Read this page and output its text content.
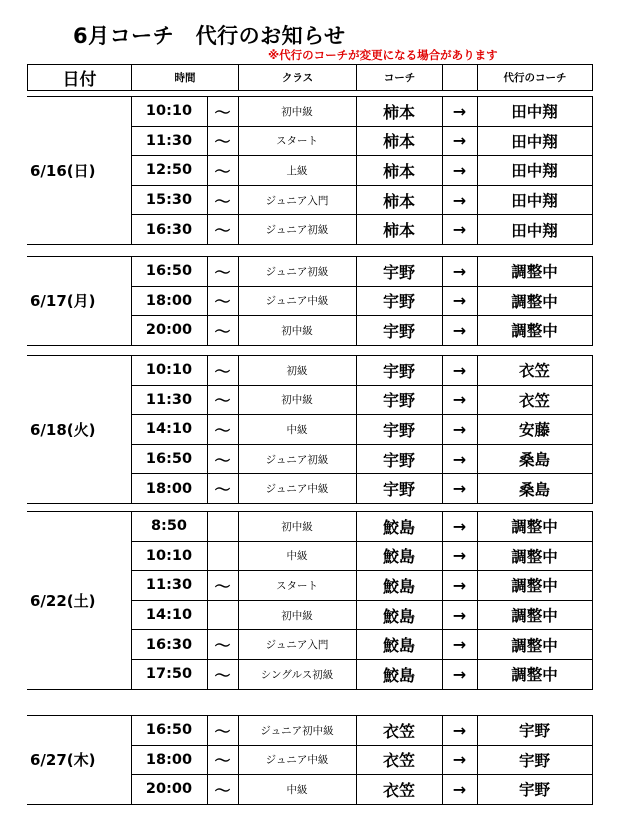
6月コーチ　代行のお知らせ
※代行のコーチが変更になる場合があります
日付	時間	クラス	コーチ		代行のコーチ
6/16(日)	10:10	～	初中級	柿本	→	田中翔
	11:30	～	スタート	柿本	→	田中翔
	12:50	～	上級	柿本	→	田中翔
	15:30	～	ジュニア入門	柿本	→	田中翔
	16:30	～	ジュニア初級	柿本	→	田中翔
6/17(月)	16:50	～	ジュニア初級	宇野	→	調整中
	18:00	～	ジュニア中級	宇野	→	調整中
	20:00	～	初中級	宇野	→	調整中
6/18(火)	10:10	～	初級	宇野	→	衣笠
	11:30	～	初中級	宇野	→	衣笠
	14:10	～	中級	宇野	→	安藤
	16:50	～	ジュニア初級	宇野	→	桑島
	18:00	～	ジュニア中級	宇野	→	桑島
6/22(土)	8:50		初中級	鮫島	→	調整中
	10:10		中級	鮫島	→	調整中
	11:30	～	スタート	鮫島	→	調整中
	14:10		初中級	鮫島	→	調整中
	16:30	～	ジュニア入門	鮫島	→	調整中
	17:50	～	シングルス初級	鮫島	→	調整中
6/27(木)	16:50	～	ジュニア初中級	衣笠	→	宇野
	18:00	～	ジュニア中級	衣笠	→	宇野
	20:00	～	中級	衣笠	→	宇野
